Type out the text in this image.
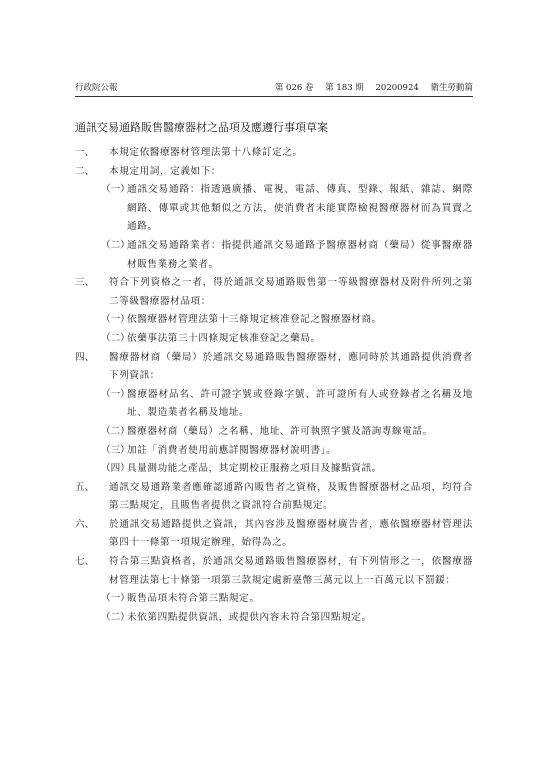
行政院公報	第 026 卷 第 183 期 20200924 衛生勞動篇
通訊交易通路販售醫療器材之品項及應遵行事項草案
一、	本規定依醫療器材管理法第十八條訂定之。
二、	本規定用詞，定義如下：
（一）
通訊交易通路：指透過廣播、電視、電話、傳真、型錄、報紙、雜誌、網際網路、傳單或其他類似之方法，使消費者未能實際檢視醫療器材而為買賣之通路。
（二）
通訊交易通路業者：指提供通訊交易通路予醫療器材商（藥局）從事醫療器材販售業務之業者。
三、	符合下列資格之一者，得於通訊交易通路販售第一等級醫療器材及附件所列之第二等級醫療器材品項：
（一）
依醫療器材管理法第十三條規定核准登記之醫療器材商。
（二）
依藥事法第三十四條規定核准登記之藥局。
四、	醫療器材商（藥局）於通訊交易通路販售醫療器材，應同時於其通路提供消費者下列資訊：
（一）
醫療器材品名、許可證字號或登錄字號、許可證所有人或登錄者之名稱及地址、製造業者名稱及地址。
（二）
醫療器材商（藥局）之名稱、地址、許可執照字號及諮詢專線電話。
（三）
加註「消費者使用前應詳閱醫療器材說明書」。
（四）
具量測功能之產品，其定期校正服務之項目及據點資訊。
五、	通訊交易通路業者應確認通路內販售者之資格，及販售醫療器材之品項，均符合第三點規定，且販售者提供之資訊符合前點規定。
六、	於通訊交易通路提供之資訊，其內容涉及醫療器材廣告者，應依醫療器材管理法第四十一條第一項規定辦理，始得為之。
七、	符合第三點資格者，於通訊交易通路販售醫療器材，有下列情形之一，依醫療器材管理法第七十條第一項第三款規定處新臺幣三萬元以上一百萬元以下罰鍰：
（一）
販售品項未符合第三點規定。
（二）
未依第四點提供資訊，或提供內容未符合第四點規定。
